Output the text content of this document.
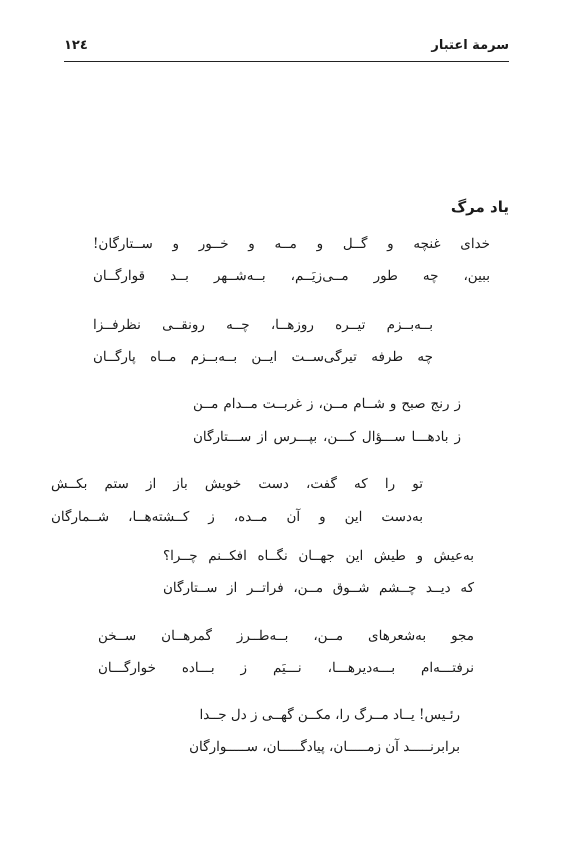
سرمة اعتبار
١٢٤
یاد مرگ
خدای غنچه و گــل و مــه و خــور و ســتارگان!
ببین، چه طور مــی‌زیَــم، بــه‌شــهر بــد قوارگــان
بــه‌بــزم تیــره روزهــا، چــه رونقــی نظرفــزا
چه طرفه تیرگی‌ســت ایــن بــه‌بــزم مــاه پارگــان
ز رنج صبح و شــام مــن، ز غربــت مــدام مــن
ز بادهـــا ســـؤال کـــن، بپـــرس از ســـتارگان
تو را که گفت، دست خویش باز از ستم بکــش
به‌دست این و آن مــده، ز کــشته‌هــا، شــمارگان
به‌عیش و طیش این جهــان نگــاه افکــنم چــرا؟
که دیــد چــشم شــوق مــن، فراتــر از ســتارگان
مجو به‌شعرهای مــن، بــه‌طــرز گمرهــان ســخن
نرفتـــه‌ام بـــه‌دیرهـــا، نـــیَم ز بـــاده خوارگـــان
رئـیس! یــاد مــرگ را، مکــن گهــی ز دل جــدا
برابرنـــــد آن زمـــــان، پیادگـــــان، ســـــوارگان
